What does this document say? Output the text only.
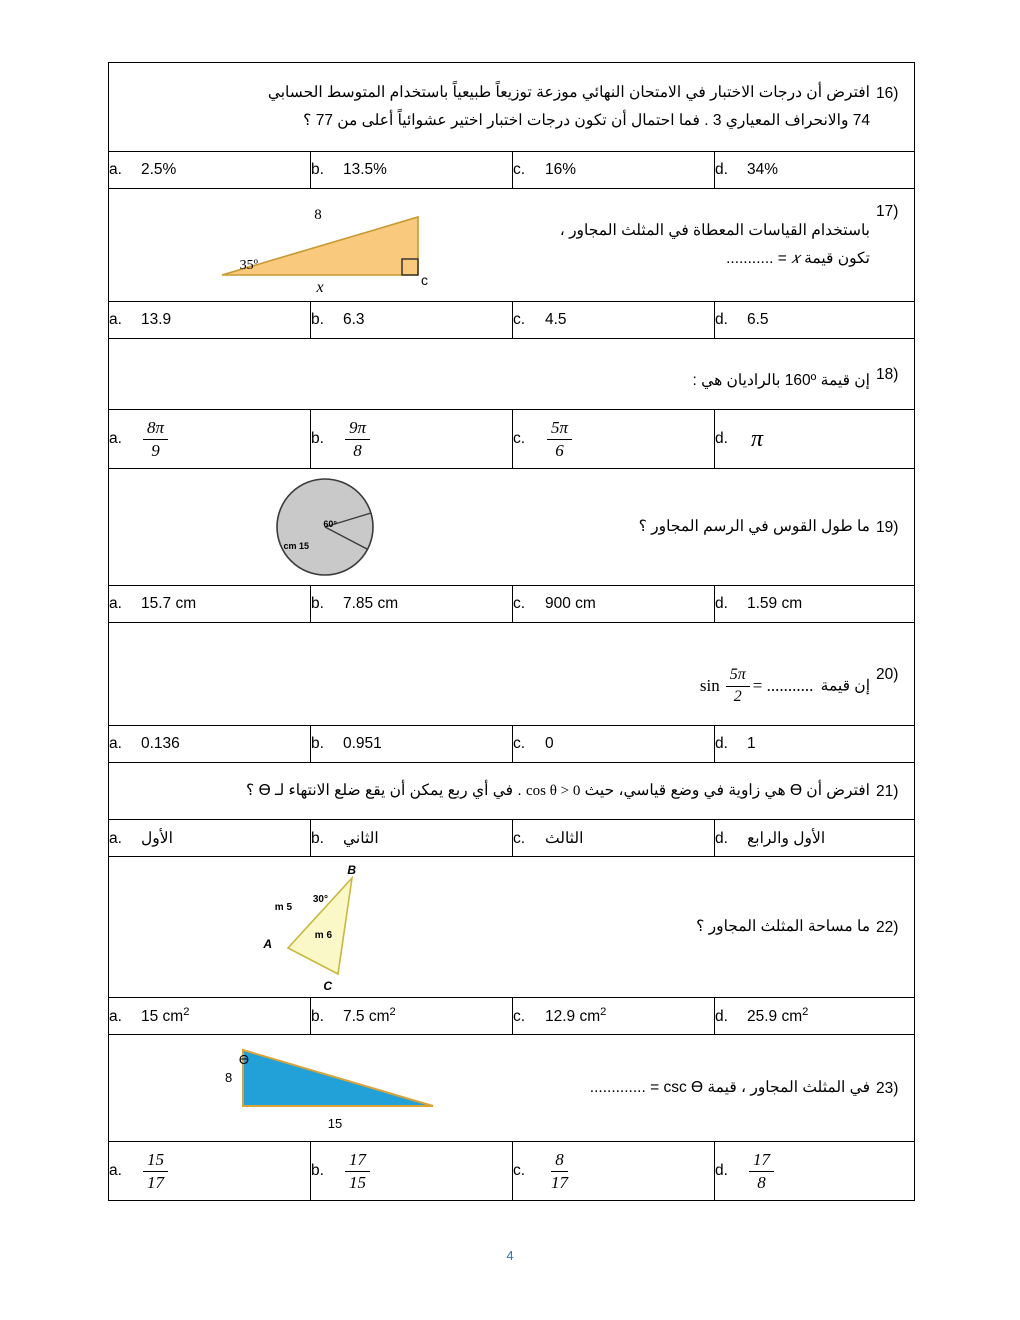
16)
افترض أن درجات الاختبار في الامتحان النهائي موزعة توزيعاً طبيعياً باستخدام المتوسط الحسابي
74 والانحراف المعياري 3 . فما احتمال أن تكون درجات اختبار اختير عشوائياً أعلى من 77 ؟			

a. 2.5%	b. 13.5%	c. 16%	d. 34%

17)
باستخدام القياسات المعطاة في المثلث المجاور ،
تكون قيمة 𝑥 = ...........
8
35º
x	c

a. 13.9	b. 6.3	c. 4.5	d. 6.5

18)
إن قيمة 160º بالراديان هي :			

a. $\frac{8\pi}{9}$	b. $\frac{9\pi}{8}$	c. $\frac{5\pi}{6}$	d. π

19)
ما طول القوس في الرسم المجاور ؟
60°
15 cm			

a. 15.7 cm	b. 7.85 cm	c. 900 cm	d. 1.59 cm

20)
إن قيمة
$\sin \frac{5\pi}{2}$ = ...........

a. 0.136	b. 0.951	c. 0	d. 1

21)
افترض أن Ө هي زاوية في وضع قياسي، حيث cos θ > 0 . في أي ربع يمكن أن يقع ضلع الانتهاء لـ Ө ؟			

a. الأول	b. الثاني	c. الثالث	d. الأول والرابع

22)
ما مساحة المثلث المجاور ؟
B
A
C
5 m
30°
6 m

a. 15 $cm^2$	b. 7.5 $cm^2$	c. 12.9 $cm^2$	d. 25.9 $cm^2$

23)
في المثلث المجاور ، قيمة csc Ө = .............
Ө
8
15			

a. $\frac{15}{17}$	b. $\frac{17}{15}$	c. $\frac{8}{17}$	d. $\frac{17}{8}$
4
